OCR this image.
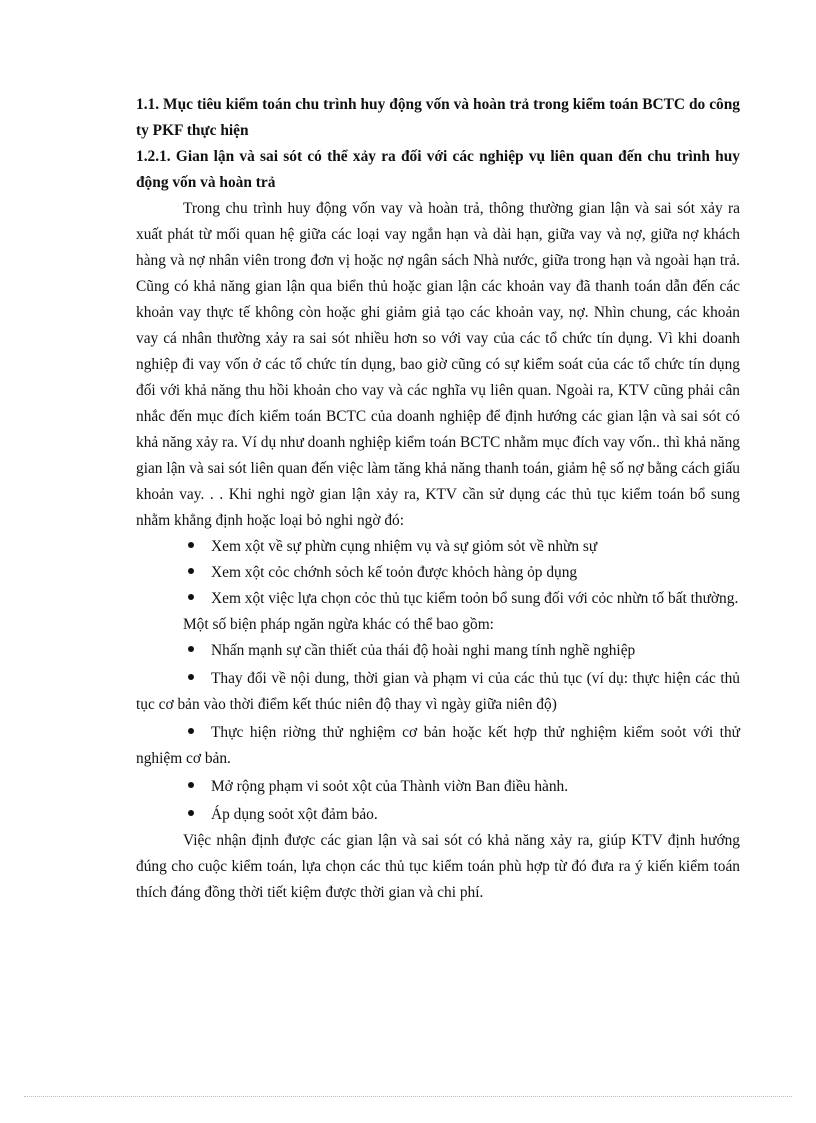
1.1. Mục tiêu kiểm toán chu trình huy động vốn và hoàn trả trong kiểm toán BCTC do công ty PKF thực hiện

1.2.1. Gian lận và sai sót có thể xảy ra đối với các nghiệp vụ liên quan đến chu trình huy động vốn và hoàn trả

Trong chu trình huy động vốn vay và hoàn trả, thông thường gian lận và sai sót xảy ra xuất phát từ mối quan hệ giữa các loại vay ngắn hạn và dài hạn, giữa vay và nợ, giữa nợ khách hàng và nợ nhân viên trong đơn vị hoặc nợ ngân sách Nhà nước, giữa trong hạn và ngoài hạn trả. Cũng có khả năng gian lận qua biển thủ hoặc gian lận các khoản vay đã thanh toán dẫn đến các khoản vay thực tế không còn hoặc ghi giảm giả tạo các khoản vay, nợ. Nhìn chung, các khoản vay cá nhân thường xảy ra sai sót nhiều hơn so với vay của các tổ chức tín dụng. Vì khi doanh nghiệp đi vay vốn ở các tổ chức tín dụng, bao giờ cũng có sự kiểm soát của các tổ chức tín dụng đối với khả năng thu hồi khoản cho vay và các nghĩa vụ liên quan. Ngoài ra, KTV cũng phải cân nhắc đến mục đích kiểm toán BCTC của doanh nghiệp để định hướng các gian lận và sai sót có khả năng xảy ra. Ví dụ như doanh nghiệp kiểm toán BCTC nhằm mục đích vay vốn.. thì khả năng gian lận và sai sót liên quan đến việc làm tăng khả năng thanh toán, giảm hệ số nợ bằng cách giấu khoản vay. . . Khi nghi ngờ gian lận xảy ra, KTV cần sử dụng các thủ tục kiểm toán bổ sung nhằm khẳng định hoặc loại bỏ nghi ngờ đó:

Xem xột về sự phừn cụng nhiệm vụ và sự giỏm sỏt về nhừn sự
Xem xột cỏc chớnh sỏch kế toỏn được khỏch hàng ỏp dụng
Xem xột việc lựa chọn cỏc thủ tục kiểm toỏn bổ sung đối với cỏc nhừn tố bất thường.

Một số biện pháp ngăn ngừa khác có thể bao gồm:

Nhấn mạnh sự cần thiết của thái độ hoài nghi mang tính nghề nghiệp
Thay đổi về nội dung, thời gian và phạm vi của các thủ tục (ví dụ: thực hiện các thủ tục cơ bản vào thời điểm kết thúc niên độ thay vì ngày giữa niên độ)
Thực hiện riờng thử nghiệm cơ bản hoặc kết hợp thử nghiệm kiểm soỏt với thử nghiệm cơ bản.
Mở rộng phạm vi soỏt xột của Thành viờn Ban điều hành.
Áp dụng soỏt xột đảm bảo.

Việc nhận định được các gian lận và sai sót có khả năng xảy ra, giúp KTV định hướng đúng cho cuộc kiểm toán, lựa chọn các thủ tục kiểm toán phù hợp từ đó đưa ra ý kiến kiểm toán thích đáng đồng thời tiết kiệm được thời gian và chi phí.
